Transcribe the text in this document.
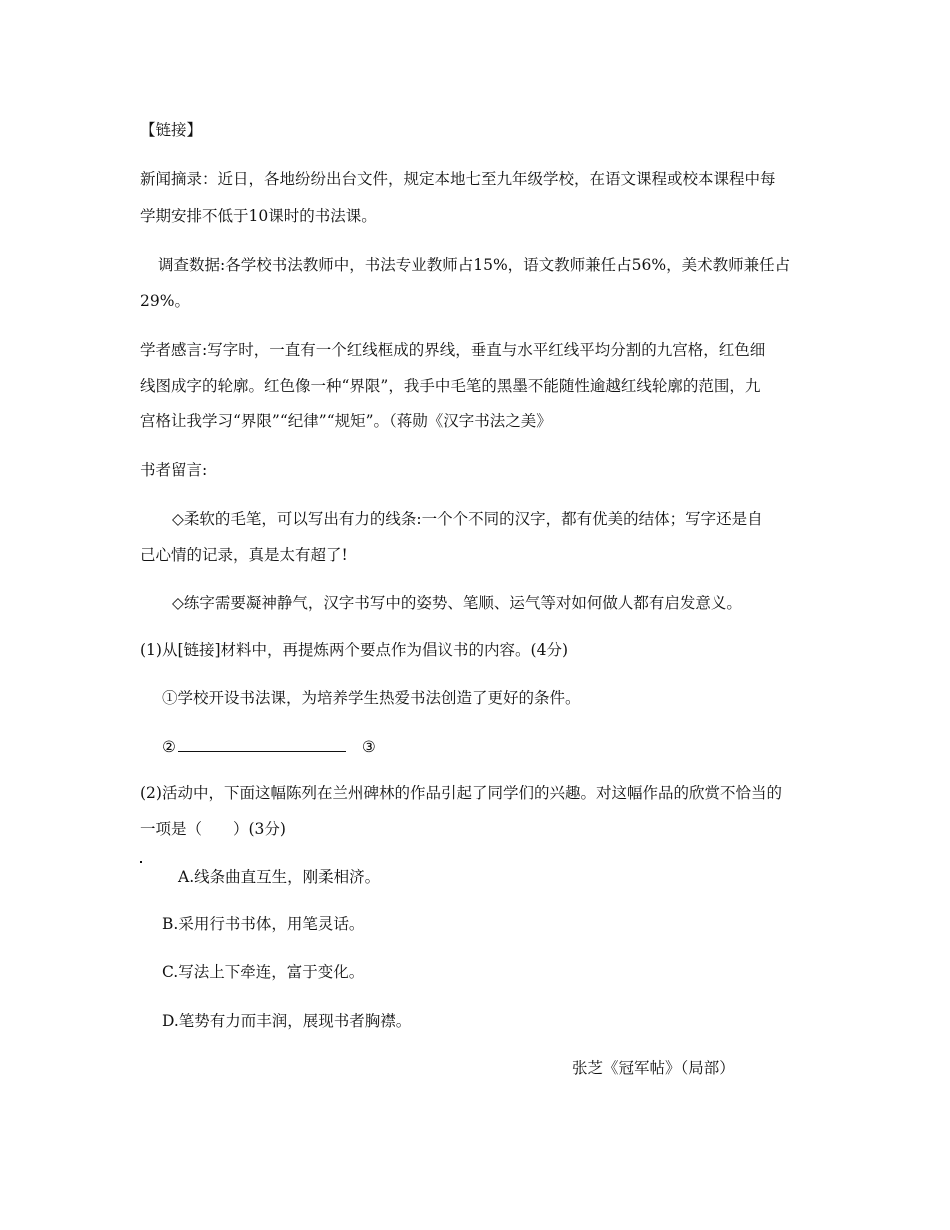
【链接】
新闻摘录：近日，各地纷纷出台文件，规定本地七至九年级学校，在语文课程或校本课程中每
学期安排不低于10课时的书法课。
调查数据:各学校书法教师中，书法专业教师占15%，语文教师兼任占56%，美术教师兼任占
29%。
学者感言:写字时，一直有一个红线框成的界线，垂直与水平红线平均分割的九宫格，红色细
线图成字的轮廓。红色像一种“界限”，我手中毛笔的黑墨不能随性逾越红线轮廓的范围，九
宫格让我学习“界限”“纪律”“规矩”。（蒋勋《汉字书法之美》
书者留言:
◇柔软的毛笔，可以写出有力的线条:一个个不同的汉字，都有优美的结体；写字还是自
己心情的记录，真是太有超了!
◇练字需要凝神静气，汉字书写中的姿势、笔顺、运气等对如何做人都有启发意义。
(1)从[链接]材料中，再提炼两个要点作为倡议书的内容。(4分)
①学校开设书法课，为培养学生热爱书法创造了更好的条件。
②	③
(2)活动中，下面这幅陈列在兰州碑林的作品引起了同学们的兴趣。对这幅作品的欣赏不恰当的
一项是（　　）(3分)
A.线条曲直互生，刚柔相济。
B.采用行书书体，用笔灵话。
C.写法上下牵连，富于变化。
D.笔势有力而丰润，展现书者胸襟。
张芝《冠军帖》（局部）
